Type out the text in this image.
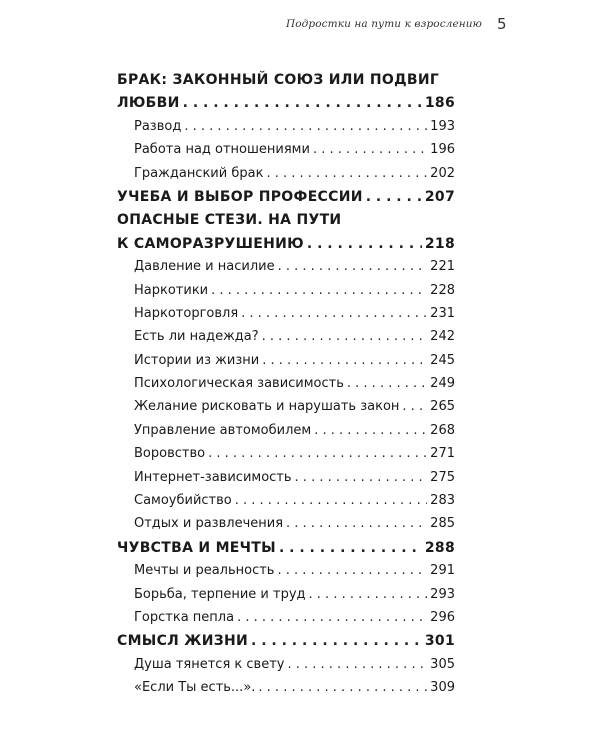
Подростки на пути к взрослению 5
БРАК: ЗАКОННЫЙ СОЮЗ ИЛИ ПОДВИГ
ЛЮБВИ . . .	186
Развод . . .	193
Работа над отношениями . . .	196
Гражданский брак . . .	202
УЧЕБА И ВЫБОР ПРОФЕССИИ . . .	207
ОПАСНЫЕ СТЕЗИ. НА ПУТИ
К САМОРАЗРУШЕНИЮ . . .	218
Давление и насилие . . .	221
Наркотики . . .	228
Наркоторговля . . .	231
Есть ли надежда? . . .	242
Истории из жизни . . .	245
Психологическая зависимость . . .	249
Желание рисковать и нарушать закон . . . 265
Управление автомобилем . . .	268
Воровство . . .	271
Интернет-зависимость . . .	275
Самоубийство . . .	283
Отдых и развлечения . . .	285
ЧУВСТВА И МЕЧТЫ . . .	288
Мечты и реальность . . .	291
Борьба, терпение и труд . . .	293
Горстка пепла . . .	296
СМЫСЛ ЖИЗНИ . . .	301
Душа тянется к свету . . .	305
«Если Ты есть...». . . .	309
